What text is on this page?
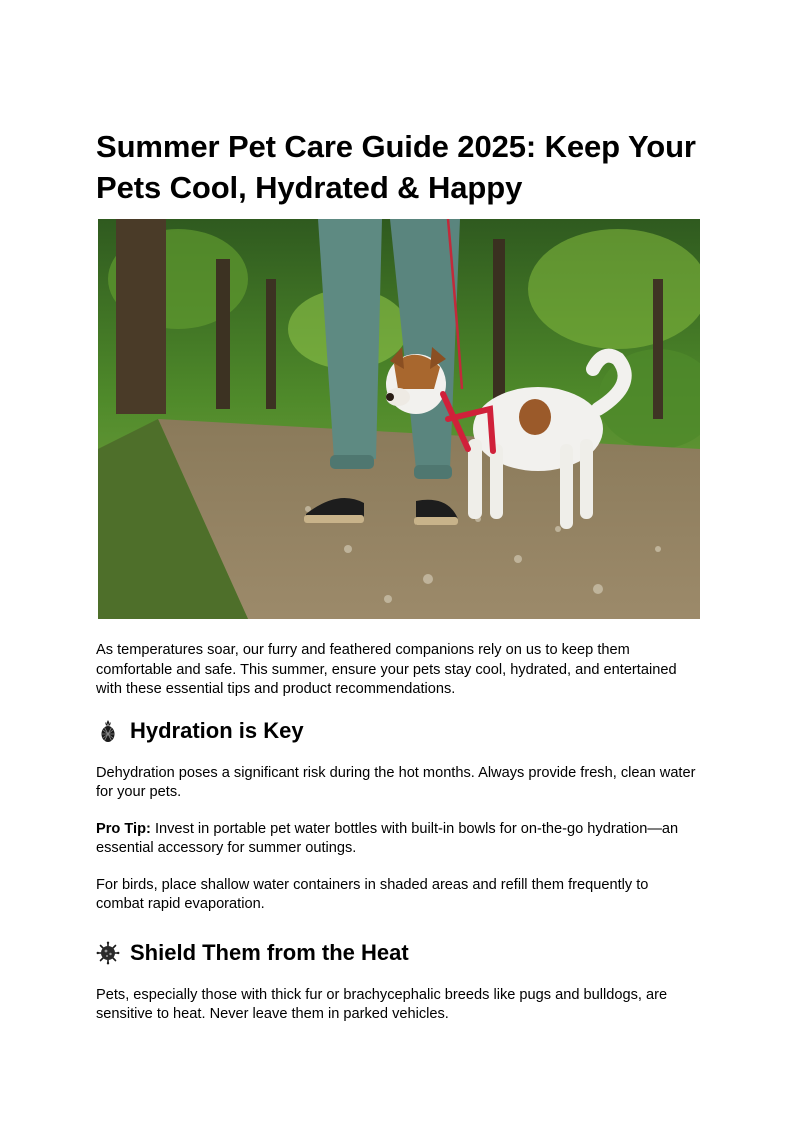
Summer Pet Care Guide 2025: Keep Your Pets Cool, Hydrated & Happy

As temperatures soar, our furry and feathered companions rely on us to keep them comfortable and safe. This summer, ensure your pets stay cool, hydrated, and entertained with these essential tips and product recommendations.

Hydration is Key

Dehydration poses a significant risk during the hot months. Always provide fresh, clean water for your pets.

Pro Tip: Invest in portable pet water bottles with built-in bowls for on-the-go hydration—an essential accessory for summer outings.

For birds, place shallow water containers in shaded areas and refill them frequently to combat rapid evaporation.

Shield Them from the Heat

Pets, especially those with thick fur or brachycephalic breeds like pugs and bulldogs, are sensitive to heat. Never leave them in parked vehicles.
